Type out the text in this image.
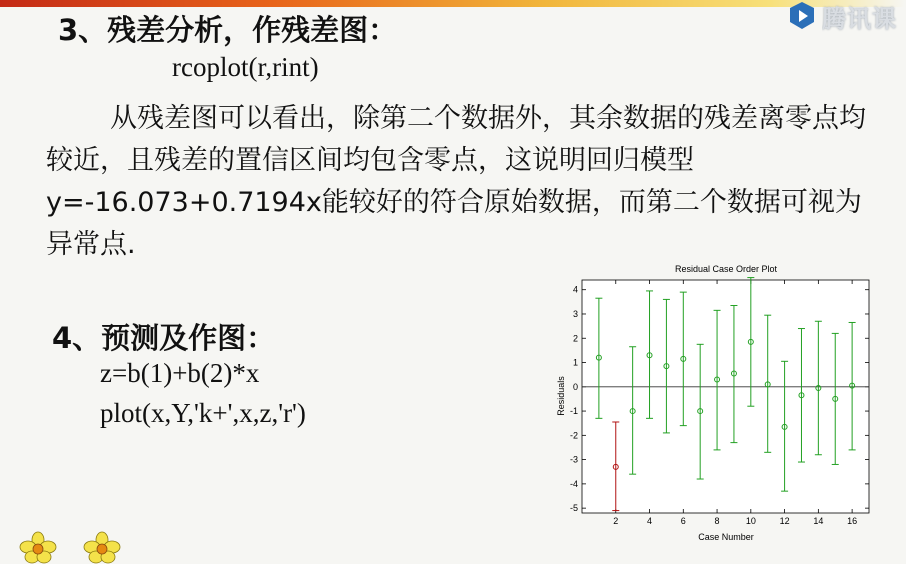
腾讯课
3、残差分析，作残差图：
rcoplot(r,rint)

从残差图可以看出，除第二个数据外，其余数据的残差离零点均较近，且残差的置信区间均包含零点，这说明回归模型 y=-16.073+0.7194x能较好的符合原始数据，而第二个数据可视为异常点.

4、预测及作图：
z=b(1)+b(2)*x
plot(x,Y,'k+',x,z,'r')
Residual Case Order Plot
-5
-4
-3
-2
-1
0
1
2
3
4
2	4	6	8	10	12	14	16
Case Number
Residuals
